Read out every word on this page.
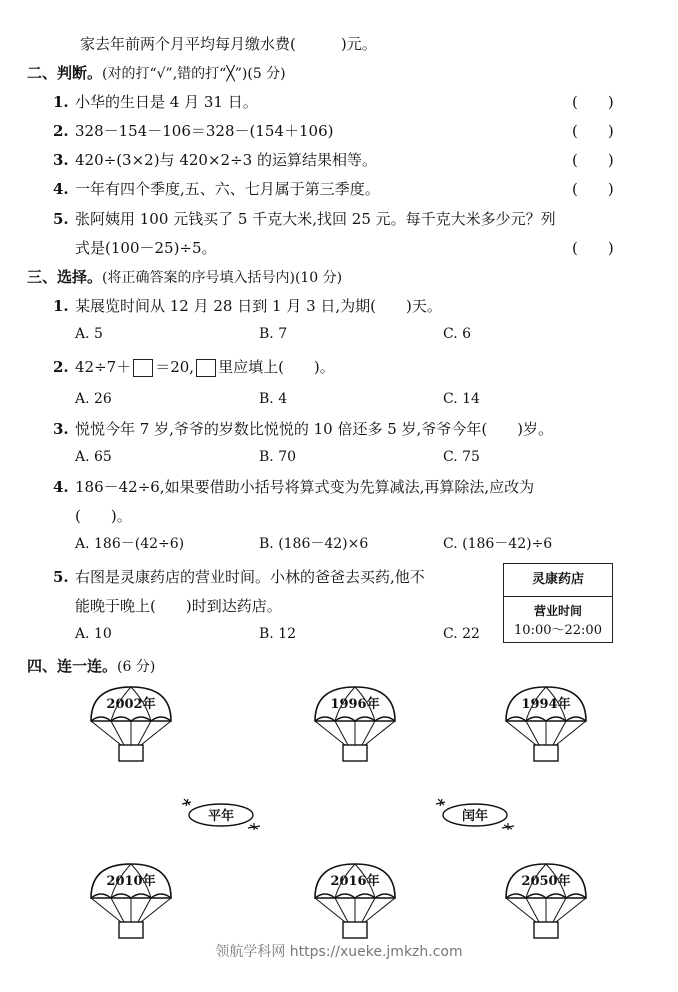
家去年前两个月平均每月缴水费(　　　)元。
二、判断。(对的打“√”,错的打“╳”)(5 分)
1. 小华的生日是 4 月 31 日。	(　　)
2. 328－154－106＝328－(154＋106)	(　　)
3. 420÷(3×2)与 420×2÷3 的运算结果相等。	(　　)
4. 一年有四个季度,五、六、七月属于第三季度。	(　　)
5. 张阿姨用 100 元钱买了 5 千克大米,找回 25 元。每千克大米多少元？列
式是(100－25)÷5。	(　　)
三、选择。(将正确答案的序号填入括号内)(10 分)
1. 某展览时间从 12 月 28 日到 1 月 3 日,为期(　　)天。
A. 5	B. 7	C. 6
2. 42÷7＋ ＝20, 里应填上(　　)。
A. 26	B. 4	C. 14
3. 悦悦今年 7 岁,爷爷的岁数比悦悦的 10 倍还多 5 岁,爷爷今年(　　)岁。
A. 65	B. 70	C. 75
4. 186－42÷6,如果要借助小括号将算式变为先算减法,再算除法,应改为
(　　)。
A. 186－(42÷6)	B. (186－42)×6	C. (186－42)÷6
5. 右图是灵康药店的营业时间。小林的爸爸去买药,他不
能晚于晚上(　　)时到达药店。
A. 10	B. 12	C. 22
灵康药店
营业时间
10:00～22:00
四、连一连。(6 分)
2002年	1996年	1994年
平年	闰年
2010年	2016年	2050年
领航学科网 https://xueke.jmkzh.com
